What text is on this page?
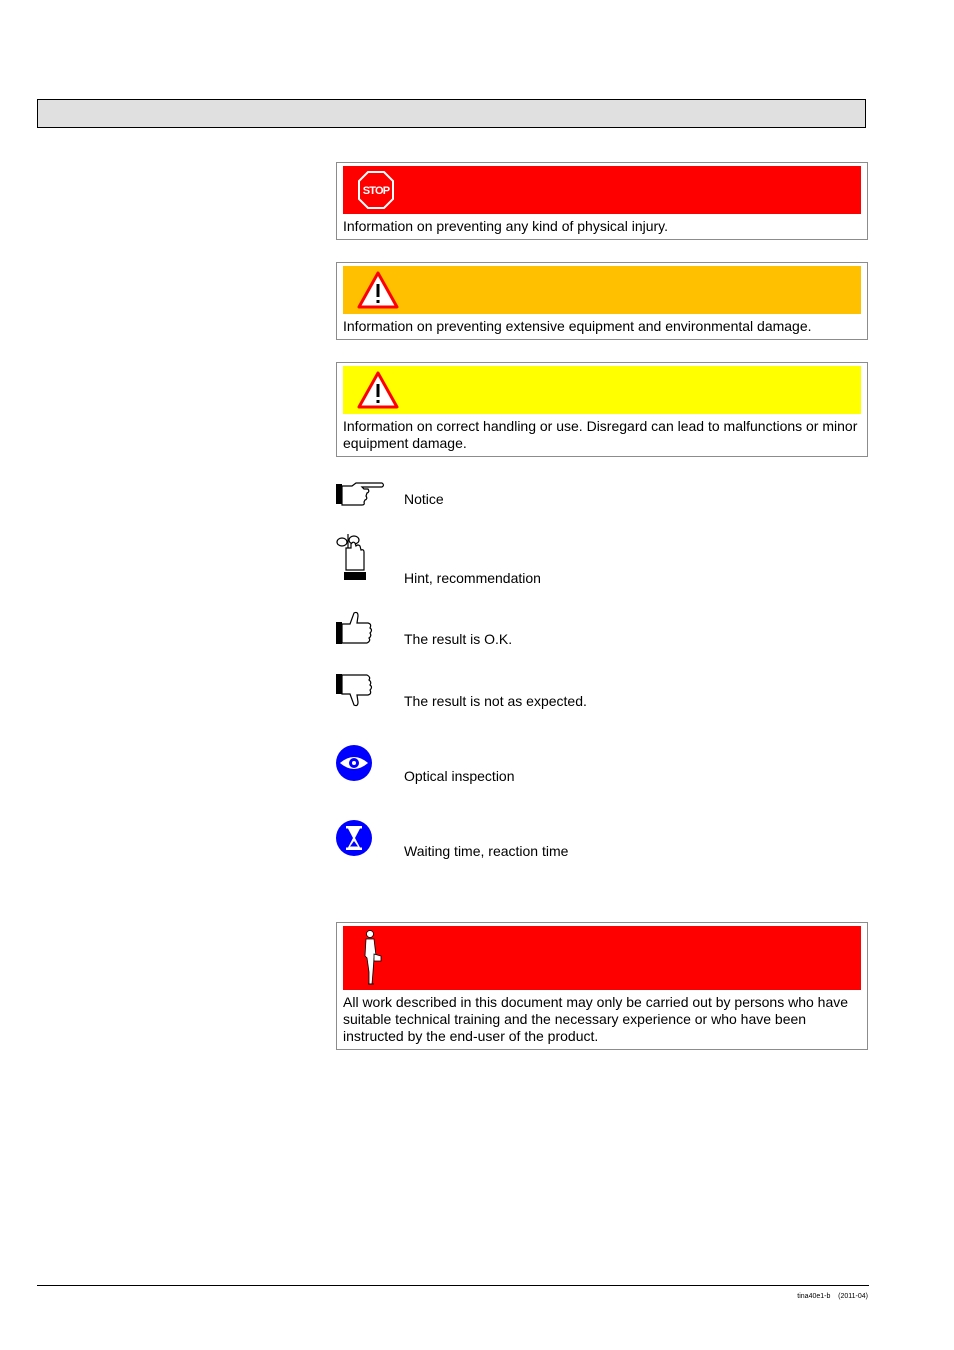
STOP

Information on preventing any kind of physical injury.

Information on preventing extensive equipment and environmental damage.

Information on correct handling or use. Disregard can lead to malfunctions or minor equipment damage.

Notice
Hint, recommendation
The result is O.K.
The result is not as expected.
Optical inspection
Waiting time, reaction time

All work described in this document may only be carried out by persons who have suitable technical training and the necessary experience or who have been instructed by the end-user of the product.

tina40e1-b (2011-04)
